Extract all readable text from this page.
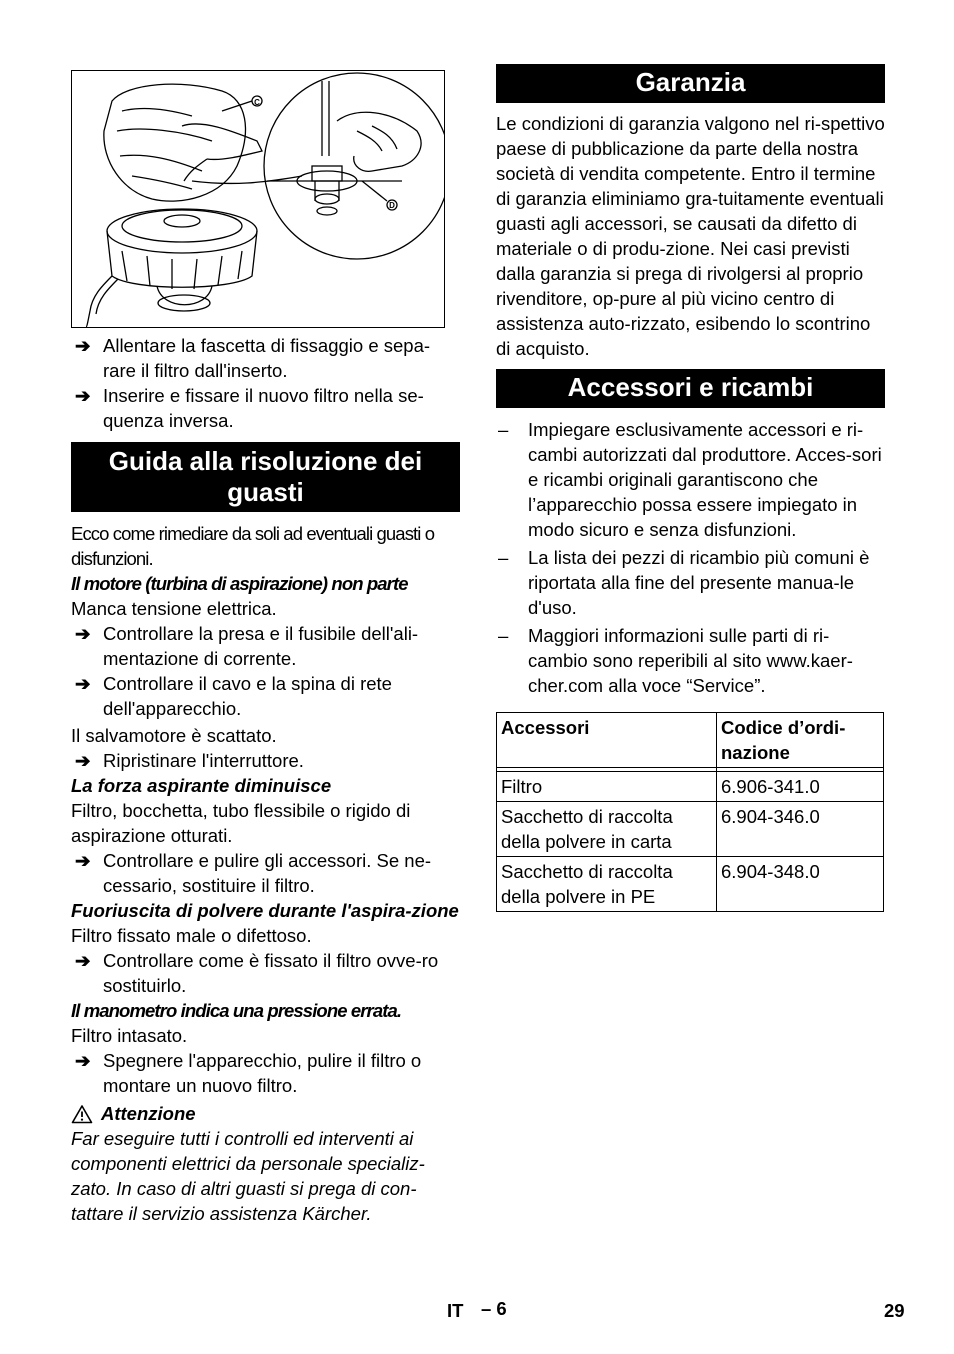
C
D
➔ Allentare la fascetta di fissaggio e sepa-rare il filtro dall'inserto.
➔ Inserire e fissare il nuovo filtro nella se-quenza inversa.
Guida alla risoluzione dei guasti
Ecco come rimediare da soli ad eventuali guasti o disfunzioni.
Il motore (turbina di aspirazione) non parte
Manca tensione elettrica.
➔ Controllare la presa e il fusibile dell'ali-mentazione di corrente.
➔ Controllare il cavo e la spina di rete dell'apparecchio.
Il salvamotore è scattato.
➔ Ripristinare l'interruttore.
La forza aspirante diminuisce
Filtro, bocchetta, tubo flessibile o rigido di aspirazione otturati.
➔ Controllare e pulire gli accessori. Se ne-cessario, sostituire il filtro.
Fuoriuscita di polvere durante l'aspira-zione
Filtro fissato male o difettoso.
➔ Controllare come è fissato il filtro ovve-ro sostituirlo.
Il manometro indica una pressione errata.
Filtro intasato.
➔ Spegnere l'apparecchio, pulire il filtro o montare un nuovo filtro.
Attenzione
Far eseguire tutti i controlli ed interventi ai componenti elettrici da personale specializ-zato. In caso di altri guasti si prega di con-tattare il servizio assistenza Kärcher.
Garanzia
Le condizioni di garanzia valgono nel ri-spettivo paese di pubblicazione da parte della nostra società di vendita competente. Entro il termine di garanzia eliminiamo gra-tuitamente eventuali guasti agli accessori, se causati da difetto di materiale o di produ-zione. Nei casi previsti dalla garanzia si prega di rivolgersi al proprio rivenditore, op-pure al più vicino centro di assistenza auto-rizzato, esibendo lo scontrino di acquisto.
Accessori e ricambi
– Impiegare esclusivamente accessori e ri-cambi autorizzati dal produttore. Acces-sori e ricambi originali garantiscono che l’apparecchio possa essere impiegato in modo sicuro e senza disfunzioni.
– La lista dei pezzi di ricambio più comuni è riportata alla fine del presente manua-le d'uso.
– Maggiori informazioni sulle parti di ri-cambio sono reperibili al sito www.kaer-cher.com alla voce “Service”.
Accessori	Codice d’ordi-nazione

Filtro	6.906-341.0
Sacchetto di raccolta della polvere in carta	6.904-346.0
Sacchetto di raccolta della polvere in PE	6.904-348.0
IT – 6	29
